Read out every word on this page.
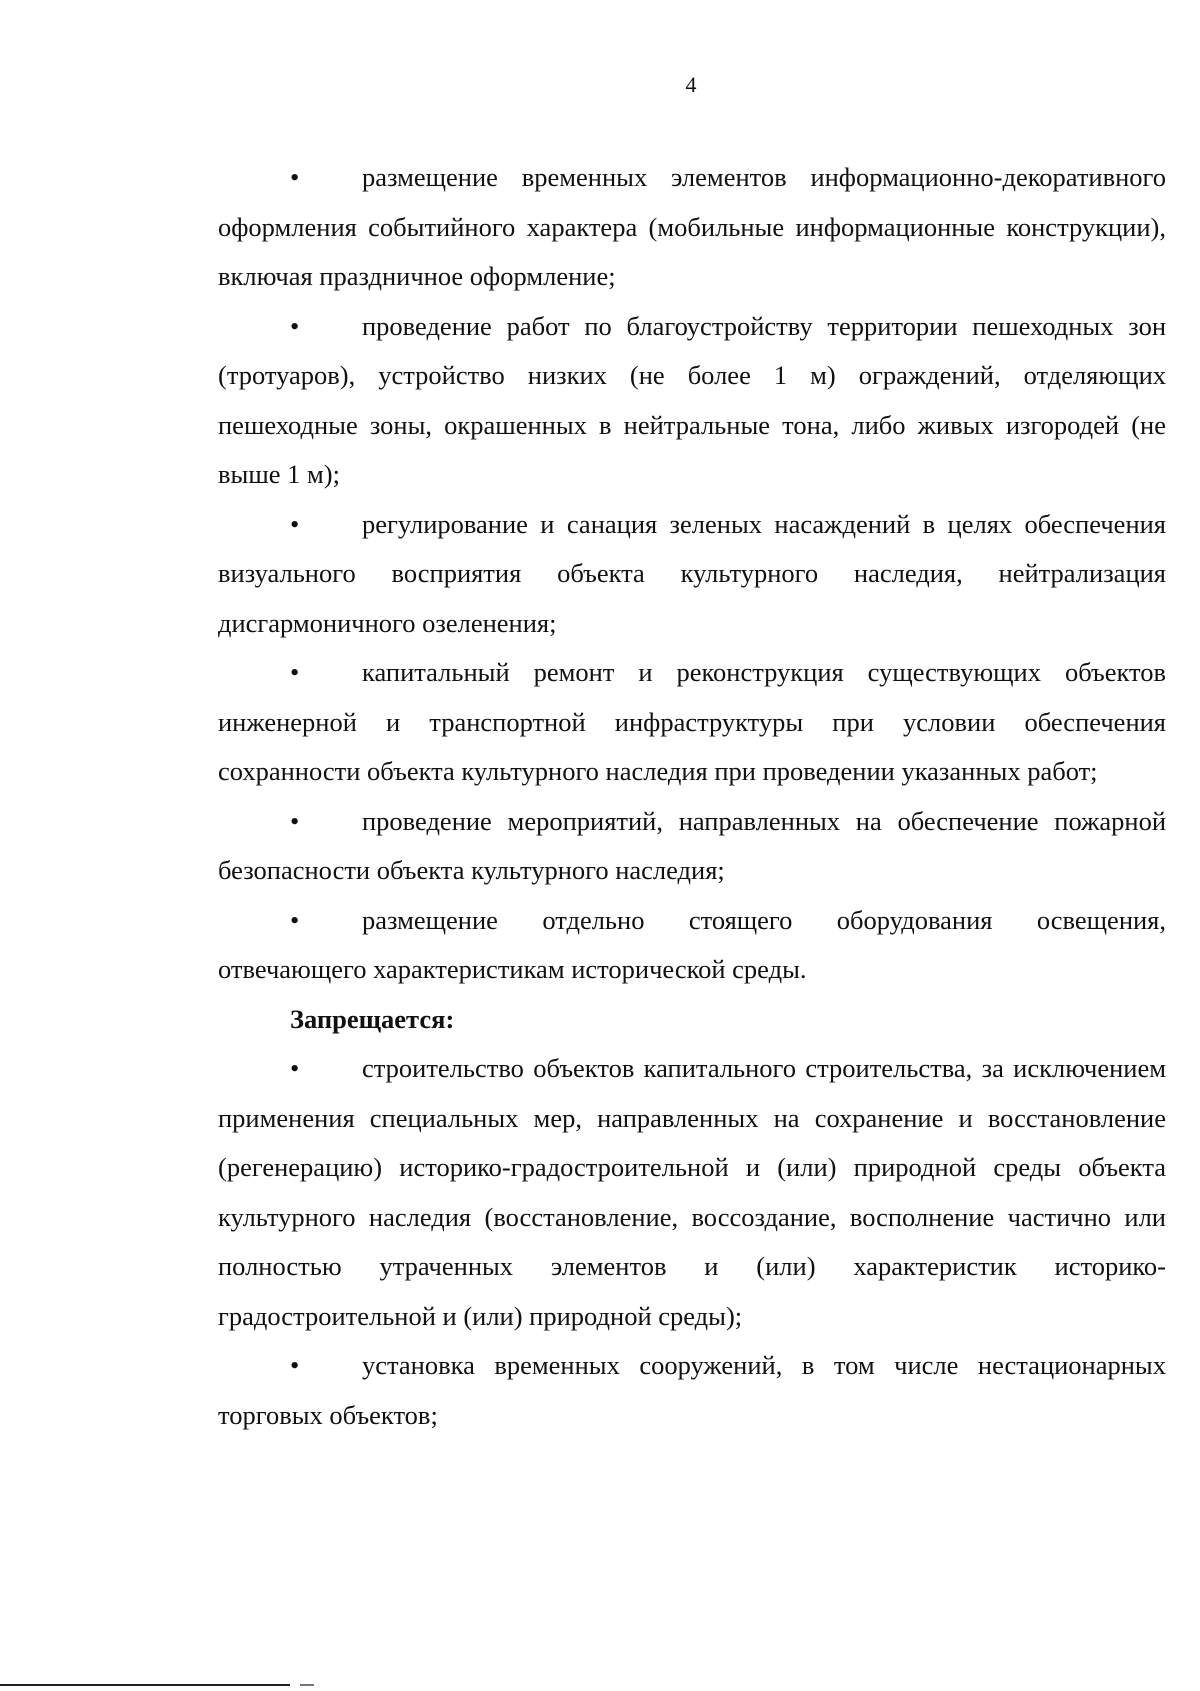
4

• размещение временных элементов информационно-декоративного оформления событийного характера (мобильные информационные конструкции), включая праздничное оформление;

• проведение работ по благоустройству территории пешеходных зон (тротуаров), устройство низких (не более 1 м) ограждений, отделяющих пешеходные зоны, окрашенных в нейтральные тона, либо живых изгородей (не выше 1 м);

• регулирование и санация зеленых насаждений в целях обеспечения визуального восприятия объекта культурного наследия, нейтрализация дисгармоничного озеленения;

• капитальный ремонт и реконструкция существующих объектов инженерной и транспортной инфраструктуры при условии обеспечения сохранности объекта культурного наследия при проведении указанных работ;

• проведение мероприятий, направленных на обеспечение пожарной безопасности объекта культурного наследия;

• размещение отдельно стоящего оборудования освещения, отвечающего характеристикам исторической среды.

Запрещается:

• строительство объектов капитального строительства, за исключением применения специальных мер, направленных на сохранение и восстановление (регенерацию) историко-градостроительной и (или) природной среды объекта культурного наследия (восстановление, воссоздание, восполнение частично или полностью утраченных элементов и (или) характеристик историко-градостроительной и (или) природной среды);

• установка временных сооружений, в том числе нестационарных торговых объектов;
